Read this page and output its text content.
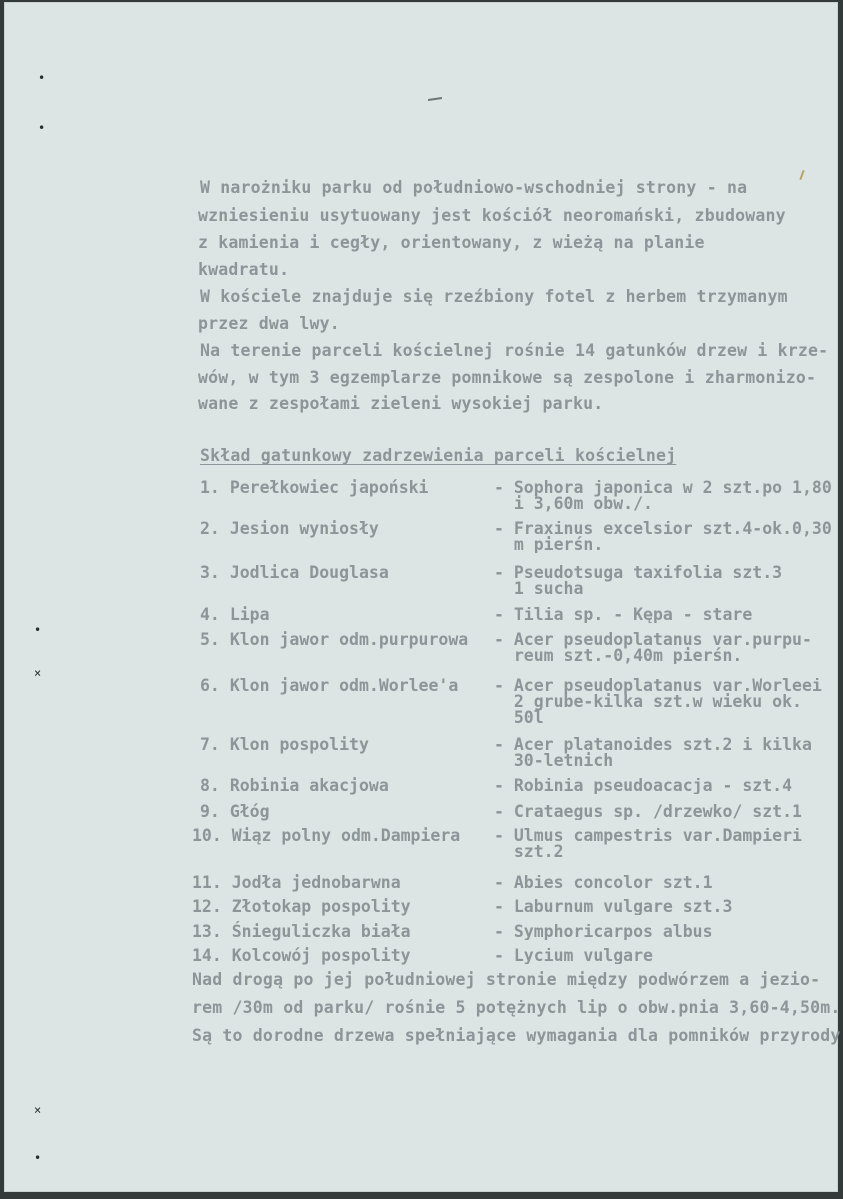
•
•
•
×
×
•
W narożniku parku od południowo-wschodniej strony - na
wzniesieniu usytuowany jest kościół neoromański, zbudowany
z kamienia i cegły, orientowany, z wieżą na planie
kwadratu.
W kościele znajduje się rzeźbiony fotel z herbem trzymanym
przez dwa lwy.
Na terenie parceli kościelnej rośnie 14 gatunków drzew i krze-
wów, w tym 3 egzemplarze pomnikowe są zespolone i zharmonizo-
wane z zespołami zieleni wysokiej parku.
Skład gatunkowy zadrzewienia parceli kościelnej
1. Perełkowiec japoński	- Sophora japonica w 2 szt.po 1,80
i 3,60m obw./.
2. Jesion wyniosły	- Fraxinus excelsior szt.4-ok.0,30
m pierśn.
3. Jodlica Douglasa	- Pseudotsuga taxifolia szt.3
1 sucha
4. Lipa	- Tilia sp. - Kępa - stare
5. Klon jawor odm.purpurowa - Acer pseudoplatanus var.purpu-
reum szt.-0,40m pierśn.
6. Klon jawor odm.Worlee'a - Acer pseudoplatanus var.Worleei
2 grube-kilka szt.w wieku ok.
50l
7. Klon pospolity	- Acer platanoides szt.2 i kilka
30-letnich
8. Robinia akacjowa	- Robinia pseudoacacja - szt.4
9. Głóg	- Crataegus sp. /drzewko/ szt.1
10. Wiąz polny odm.Dampiera - Ulmus campestris var.Dampieri
szt.2
11. Jodła jednobarwna	- Abies concolor szt.1
12. Złotokap pospolity	- Laburnum vulgare szt.3
13. Śnieguliczka biała	- Symphoricarpos albus
14. Kolcowój pospolity	- Lycium vulgare
Nad drogą po jej południowej stronie między podwórzem a jezio-
rem /30m od parku/ rośnie 5 potężnych lip o obw.pnia 3,60-4,50m.
Są to dorodne drzewa spełniające wymagania dla pomników przyrody
